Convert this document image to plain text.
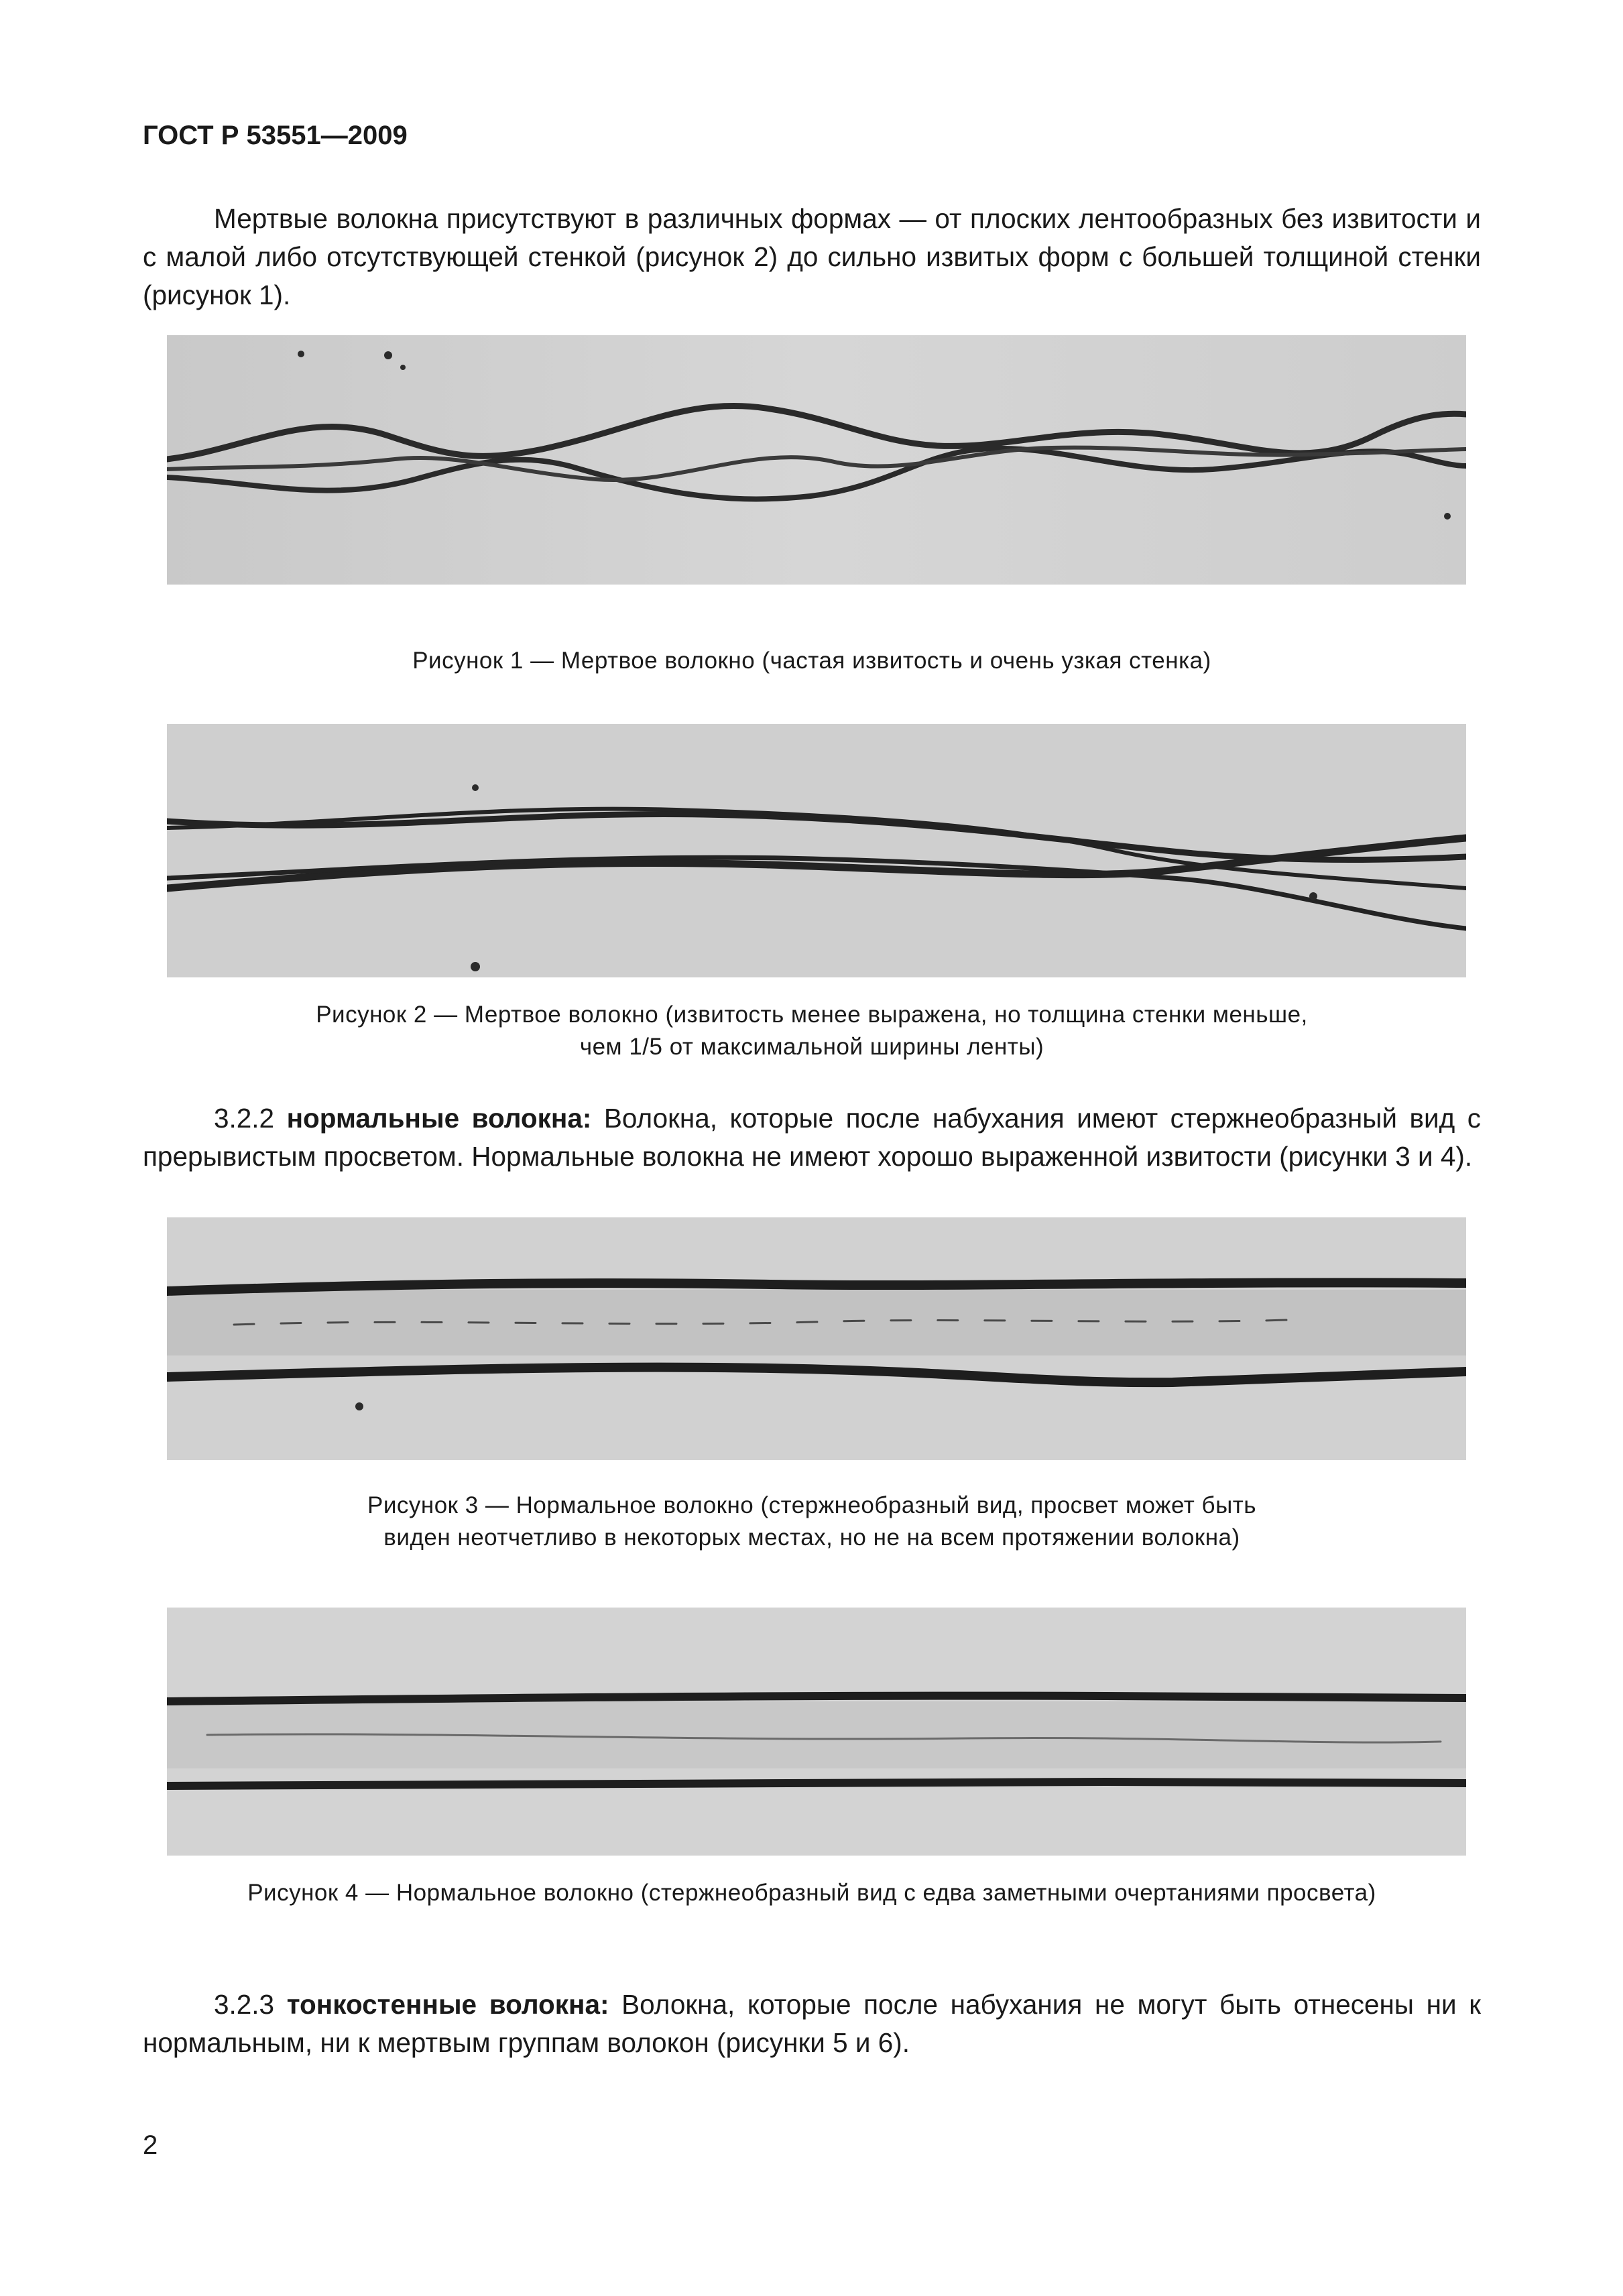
ГОСТ Р 53551—2009
Мертвые волокна присутствуют в различных формах — от плоских лентообразных без извитости и с малой либо отсутствующей стенкой (рисунок 2) до сильно извитых форм с большей толщиной стенки (рисунок 1).
Рисунок 1 — Мертвое волокно (частая извитость и очень узкая стенка)
Рисунок 2 — Мертвое волокно (извитость менее выражена, но толщина стенки меньше,
чем 1/5 от максимальной ширины ленты)
3.2.2 нормальные волокна: Волокна, которые после набухания имеют стержнеобразный вид с прерывистым просветом. Нормальные волокна не имеют хорошо выраженной извитости (рисунки 3 и 4).
Рисунок 3 — Нормальное волокно (стержнеобразный вид, просвет может быть
виден неотчетливо в некоторых местах, но не на всем протяжении волокна)
Рисунок 4 — Нормальное волокно (стержнеобразный вид с едва заметными очертаниями просвета)
3.2.3 тонкостенные волокна: Волокна, которые после набухания не могут быть отнесены ни к нормальным, ни к мертвым группам волокон (рисунки 5 и 6).
2
